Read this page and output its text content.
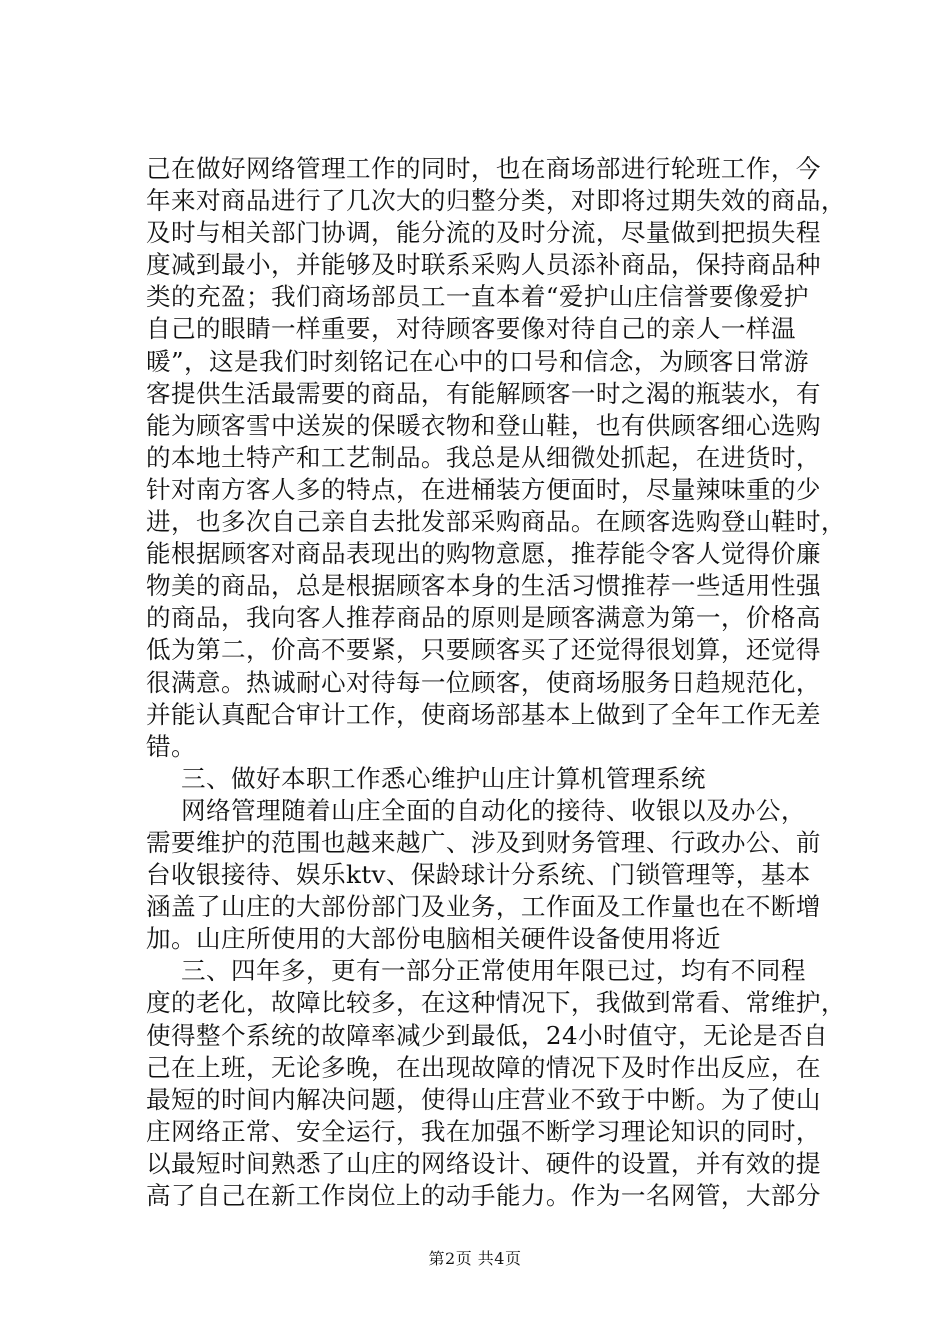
己在做好网络管理工作的同时，也在商场部进行轮班工作，今
年来对商品进行了几次大的归整分类，对即将过期失效的商品，
及时与相关部门协调，能分流的及时分流，尽量做到把损失程
度减到最小，并能够及时联系采购人员添补商品，保持商品种
类的充盈；我们商场部员工一直本着“爱护山庄信誉要像爱护
自己的眼睛一样重要，对待顾客要像对待自己的亲人一样温
暖”，这是我们时刻铭记在心中的口号和信念，为顾客日常游
客提供生活最需要的商品，有能解顾客一时之渴的瓶装水，有
能为顾客雪中送炭的保暖衣物和登山鞋，也有供顾客细心选购
的本地土特产和工艺制品。我总是从细微处抓起，在进货时，
针对南方客人多的特点，在进桶装方便面时，尽量辣味重的少
进，也多次自己亲自去批发部采购商品。在顾客选购登山鞋时，
能根据顾客对商品表现出的购物意愿，推荐能令客人觉得价廉
物美的商品，总是根据顾客本身的生活习惯推荐一些适用性强
的商品，我向客人推荐商品的原则是顾客满意为第一，价格高
低为第二，价高不要紧，只要顾客买了还觉得很划算，还觉得
很满意。热诚耐心对待每一位顾客，使商场服务日趋规范化，
并能认真配合审计工作，使商场部基本上做到了全年工作无差
错。
三、做好本职工作悉心维护山庄计算机管理系统
网络管理随着山庄全面的自动化的接待、收银以及办公，
需要维护的范围也越来越广、涉及到财务管理、行政办公、前
台收银接待、娱乐ktv、保龄球计分系统、门锁管理等，基本
涵盖了山庄的大部份部门及业务，工作面及工作量也在不断增
加。山庄所使用的大部份电脑相关硬件设备使用将近
三、四年多，更有一部分正常使用年限已过，均有不同程
度的老化，故障比较多，在这种情况下，我做到常看、常维护，
使得整个系统的故障率减少到最低，24小时值守，无论是否自
己在上班，无论多晚，在出现故障的情况下及时作出反应，在
最短的时间内解决问题，使得山庄营业不致于中断。为了使山
庄网络正常、安全运行，我在加强不断学习理论知识的同时，
以最短时间熟悉了山庄的网络设计、硬件的设置，并有效的提
高了自己在新工作岗位上的动手能力。作为一名网管，大部分
第2页 共4页
